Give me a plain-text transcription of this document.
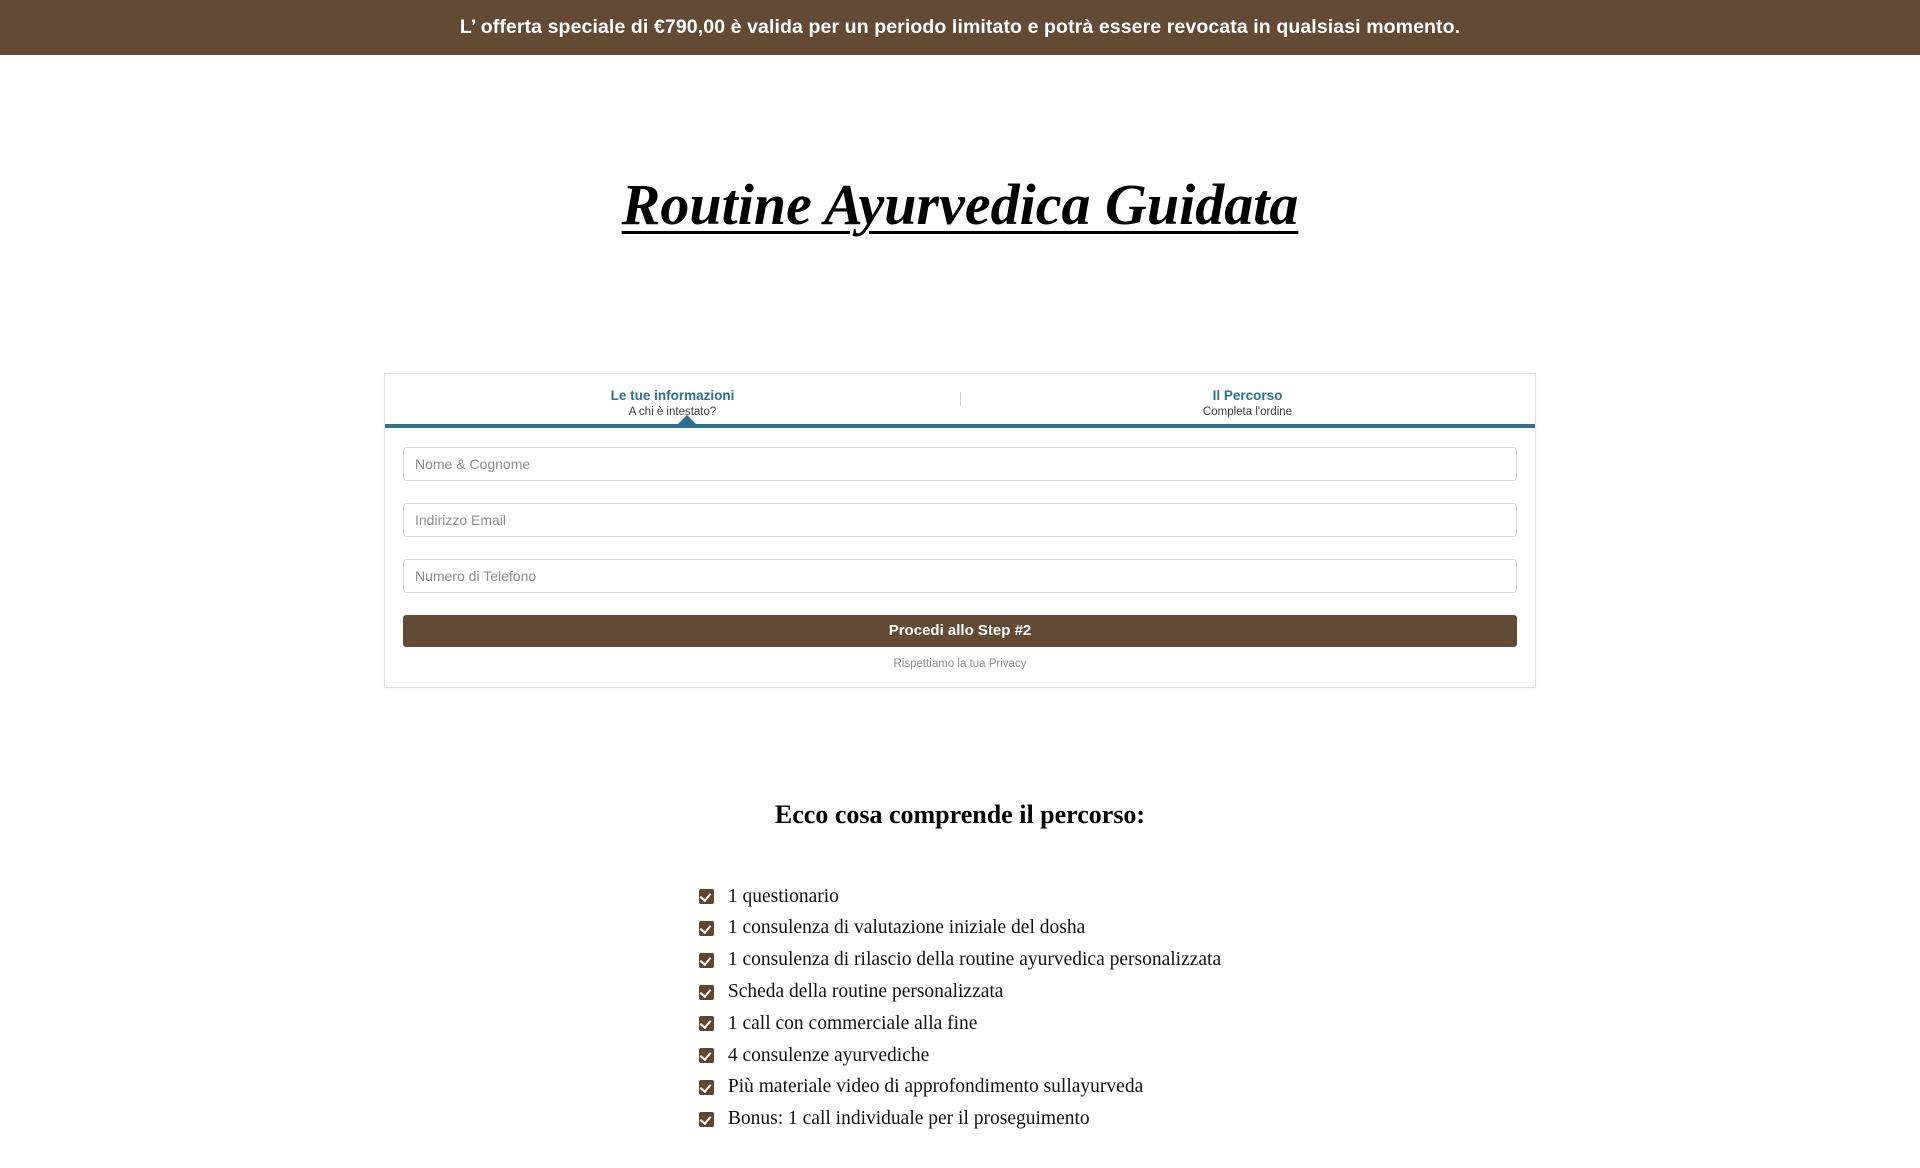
L’ offerta speciale di €790,00 è valida per un periodo limitato e potrà essere revocata in qualsiasi momento.
Routine Ayurvedica Guidata
Le tue informazioni
A chi è intestato?
Il Percorso
Completa l'ordine
Nome & Cognome Indirizzo Email Numero di Telefono
Procedi allo Step #2
Rispettiamo la tua Privacy
Ecco cosa comprende il percorso:
1 questionario
1 consulenza di valutazione iniziale del dosha
1 consulenza di rilascio della routine ayurvedica personalizzata
Scheda della routine personalizzata
1 call con commerciale alla fine
4 consulenze ayurvediche
Più materiale video di approfondimento sullayurveda
Bonus: 1 call individuale per il proseguimento
